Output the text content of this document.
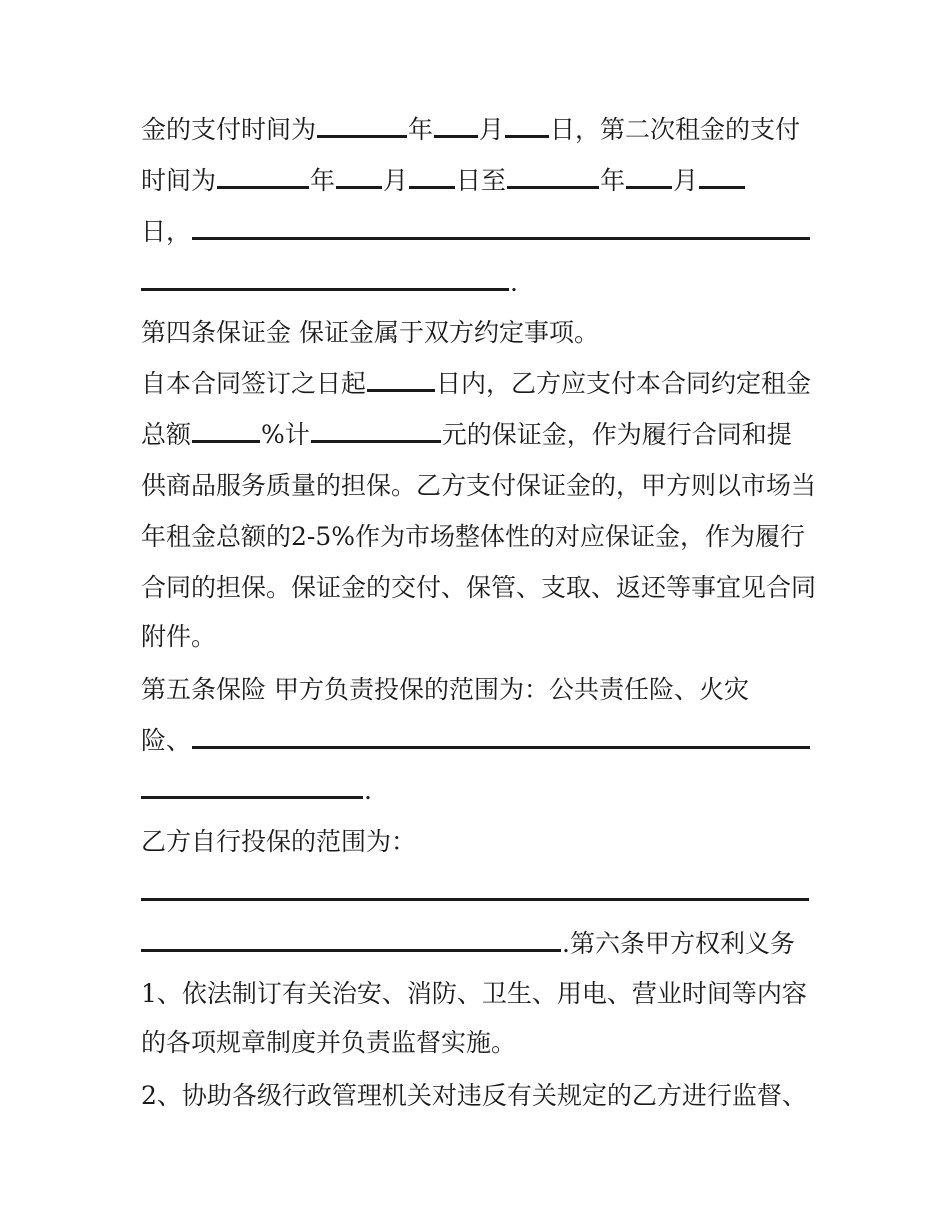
金的支付时间为	年 月 日，第二次租金的支付
时间为	年 月 日至	年 月
日，
.
第四条保证金 保证金属于双方约定事项。
自本合同签订之日起	日内，乙方应支付本合同约定租金
总额	%计	元的保证金，作为履行合同和提
供商品服务质量的担保。乙方支付保证金的，甲方则以市场当
年租金总额的2-5%作为市场整体性的对应保证金，作为履行
合同的担保。保证金的交付、保管、支取、返还等事宜见合同
附件。
第五条保险 甲方负责投保的范围为：公共责任险、火灾
险、
.
乙方自行投保的范围为：
.第六条甲方权利义务
1、依法制订有关治安、消防、卫生、用电、营业时间等内容
的各项规章制度并负责监督实施。
2、协助各级行政管理机关对违反有关规定的乙方进行监督、
